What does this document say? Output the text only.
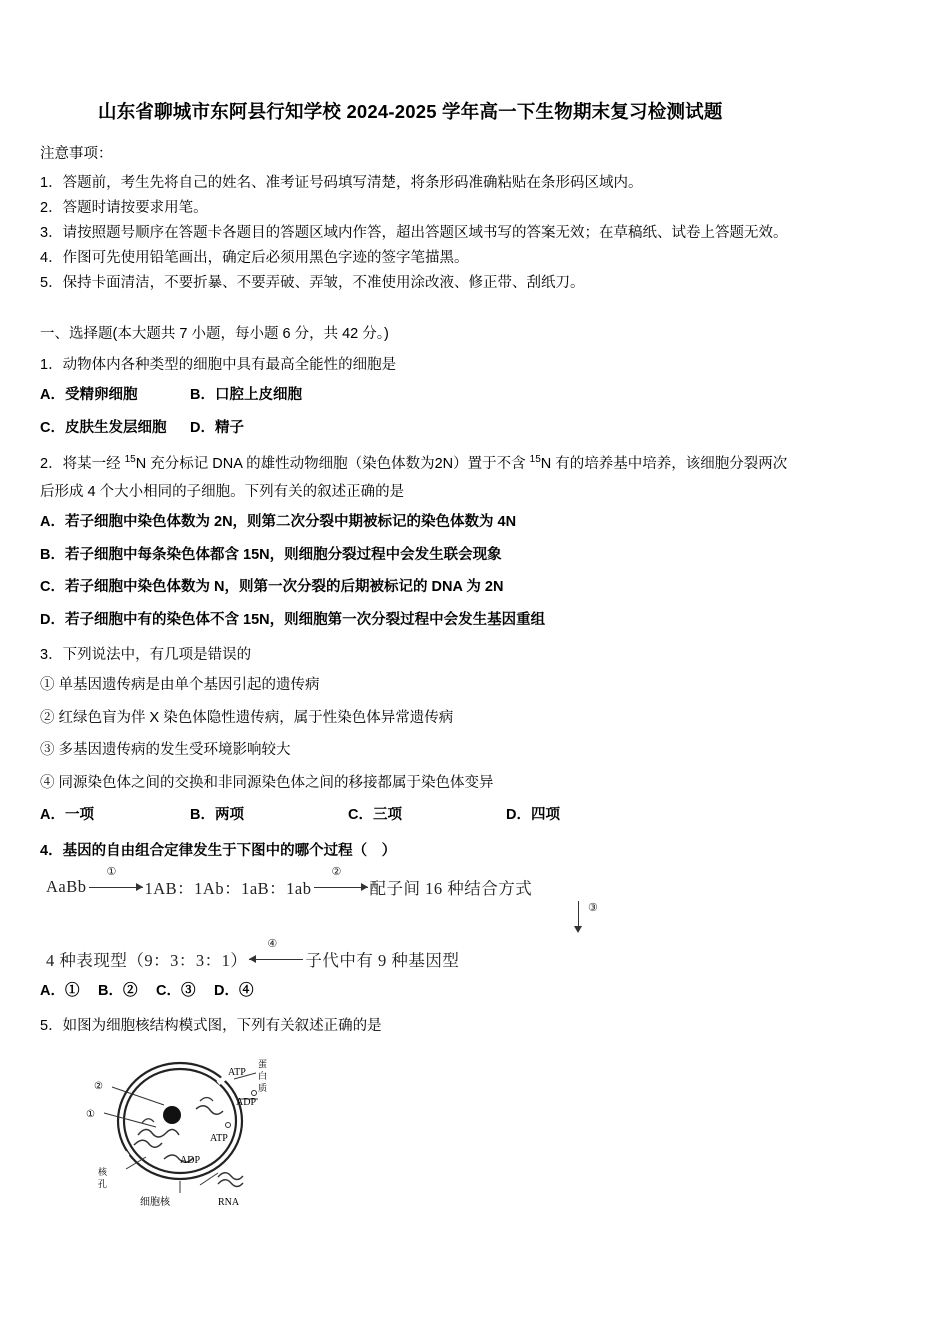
山东省聊城市东阿县行知学校 2024-2025 学年高一下生物期末复习检测试题
注意事项：
1．答题前，考生先将自己的姓名、准考证号码填写清楚，将条形码准确粘贴在条形码区域内。
2．答题时请按要求用笔。
3．请按照题号顺序在答题卡各题目的答题区域内作答，超出答题区域书写的答案无效；在草稿纸、试卷上答题无效。
4．作图可先使用铅笔画出，确定后必须用黑色字迹的签字笔描黑。
5．保持卡面清洁，不要折暴、不要弄破、弄皱，不准使用涂改液、修正带、刮纸刀。
一、选择题(本大题共 7 小题，每小题 6 分，共 42 分。)
1．动物体内各种类型的细胞中具有最高全能性的细胞是
A．受精卵细胞	B．口腔上皮细胞
C．皮肤生发层细胞	D．精子
2．将某一经 $^{15}$N 充分标记 DNA 的雄性动物细胞（染色体数为2N）置于不含 $^{15}$N 有的培养基中培养，该细胞分裂两次
后形成 4 个大小相同的子细胞。下列有关的叙述正确的是
A．若子细胞中染色体数为 2N，则第二次分裂中期被标记的染色体数为 4N
B．若子细胞中每条染色体都含 15N，则细胞分裂过程中会发生联会现象
C．若子细胞中染色体数为 N，则第一次分裂的后期被标记的 DNA 为 2N
D．若子细胞中有的染色体不含 15N，则细胞第一次分裂过程中会发生基因重组
3．下列说法中，有几项是错误的
① 单基因遗传病是由单个基因引起的遗传病
② 红绿色盲为伴 X 染色体隐性遗传病，属于性染色体异常遗传病
③ 多基因遗传病的发生受环境影响较大
④ 同源染色体之间的交换和非同源染色体之间的移接都属于染色体变异
A．一项	B．两项	C．三项	D．四项
4．基因的自由组合定律发生于下图中的哪个过程（　）
AaBb
①
1AB：1Ab：1aB：1ab
②
配子间 16 种结合方式
③
4 种表现型（9：3：3：1）
④
子代中有 9 种基因型
A．①	B．②	C．③	D．④
5．如图为细胞核结构模式图，下列有关叙述正确的是
②
①
ATP
ADP
ATP
ADP
蛋
白
质
核
孔
细胞核	RNA
